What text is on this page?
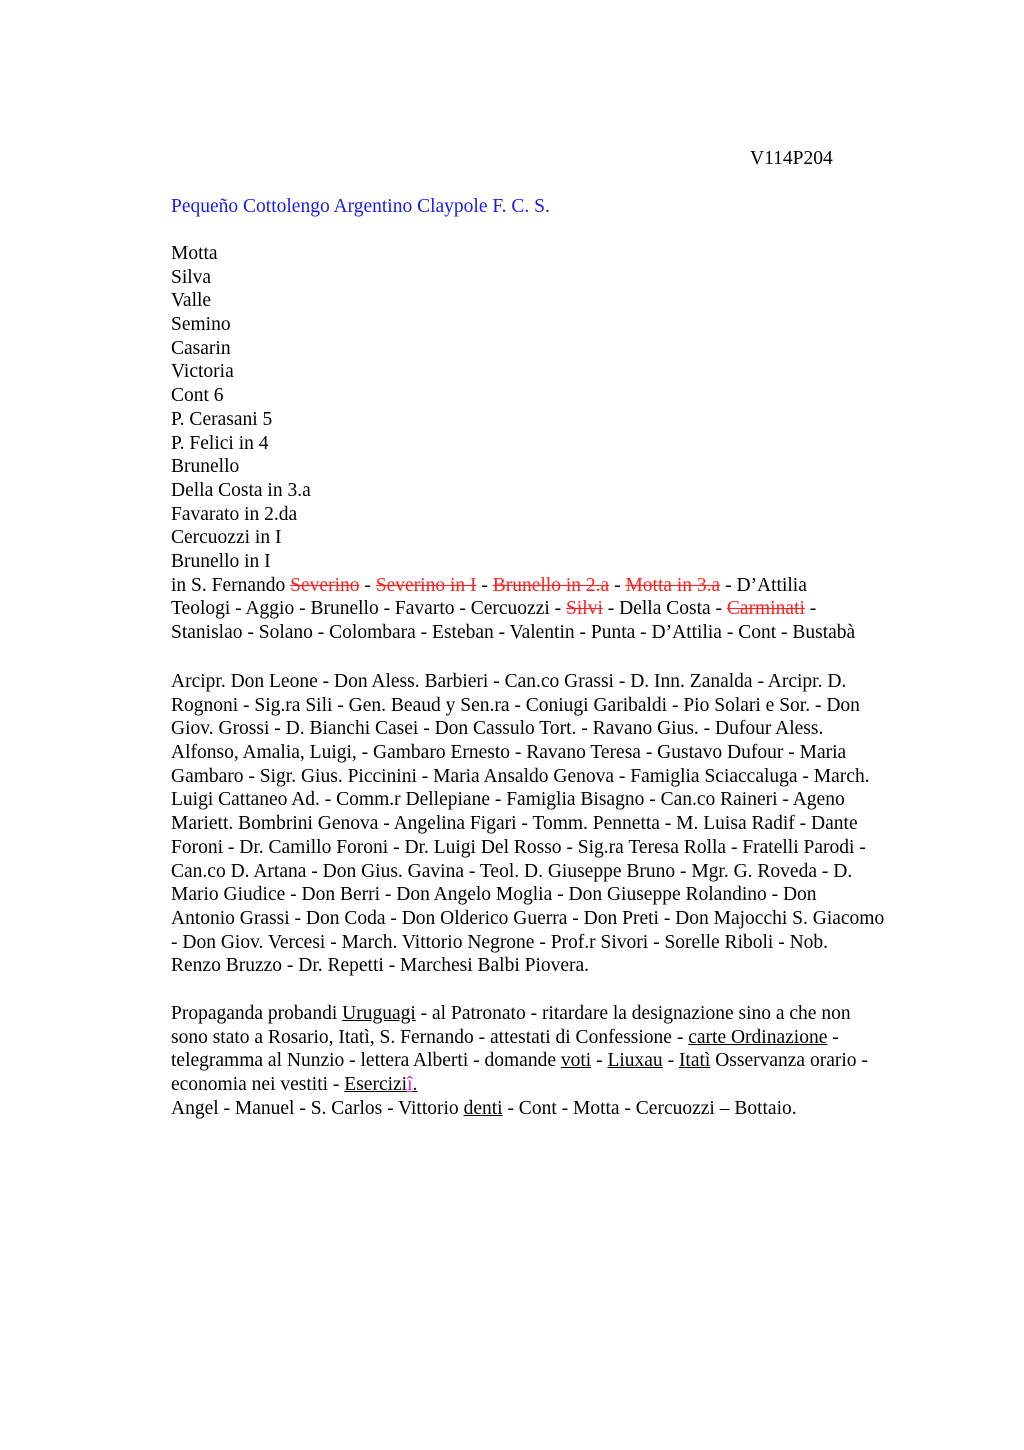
V114P204
Pequeño Cottolengo Argentino Claypole F. C. S.
Motta
Silva
Valle
Semino
Casarin
Victoria
Cont 6
P. Cerasani 5
P. Felici in 4
Brunello
Della Costa in 3.a
Favarato in 2.da
Cercuozzi in I
Brunello in I
in S. Fernando Severino - Severino in I - Brunello in 2.a - Motta in 3.a - D’Attilia
Teologi - Aggio - Brunello - Favarto - Cercuozzi - Silvi - Della Costa - Carminati -
Stanislao - Solano - Colombara - Esteban - Valentin - Punta - D’Attilia - Cont - Bustabà
Arcipr. Don Leone - Don Aless. Barbieri - Can.co Grassi - D. Inn. Zanalda - Arcipr. D.
Rognoni - Sig.ra Sili - Gen. Beaud y Sen.ra - Coniugi Garibaldi - Pio Solari e Sor. - Don
Giov. Grossi - D. Bianchi Casei - Don Cassulo Tort. - Ravano Gius. - Dufour Aless.
Alfonso, Amalia, Luigi, - Gambaro Ernesto - Ravano Teresa - Gustavo Dufour - Maria
Gambaro - Sigr. Gius. Piccinini - Maria Ansaldo Genova - Famiglia Sciaccaluga - March.
Luigi Cattaneo Ad. - Comm.r Dellepiane - Famiglia Bisagno - Can.co Raineri - Ageno
Mariett. Bombrini Genova - Angelina Figari - Tomm. Pennetta - M. Luisa Radif - Dante
Foroni - Dr. Camillo Foroni - Dr. Luigi Del Rosso - Sig.ra Teresa Rolla - Fratelli Parodi -
Can.co D. Artana - Don Gius. Gavina - Teol. D. Giuseppe Bruno - Mgr. G. Roveda - D.
Mario Giudice - Don Berri - Don Angelo Moglia - Don Giuseppe Rolandino - Don
Antonio Grassi - Don Coda - Don Olderico Guerra - Don Preti - Don Majocchi S. Giacomo
- Don Giov. Vercesi - March. Vittorio Negrone - Prof.r Sivori - Sorelle Riboli - Nob.
Renzo Bruzzo - Dr. Repetti - Marchesi Balbi Piovera.
Propaganda probandi Uruguagi - al Patronato - ritardare la designazione sino a che non
sono stato a Rosario, Itatì, S. Fernando - attestati di Confessione - carte Ordinazione -
telegramma al Nunzio - lettera Alberti - domande voti - Liuxau - Itatì Osservanza orario -
economia nei vestiti - Eserciziî.
Angel - Manuel - S. Carlos - Vittorio denti - Cont - Motta - Cercuozzi – Bottaio.
